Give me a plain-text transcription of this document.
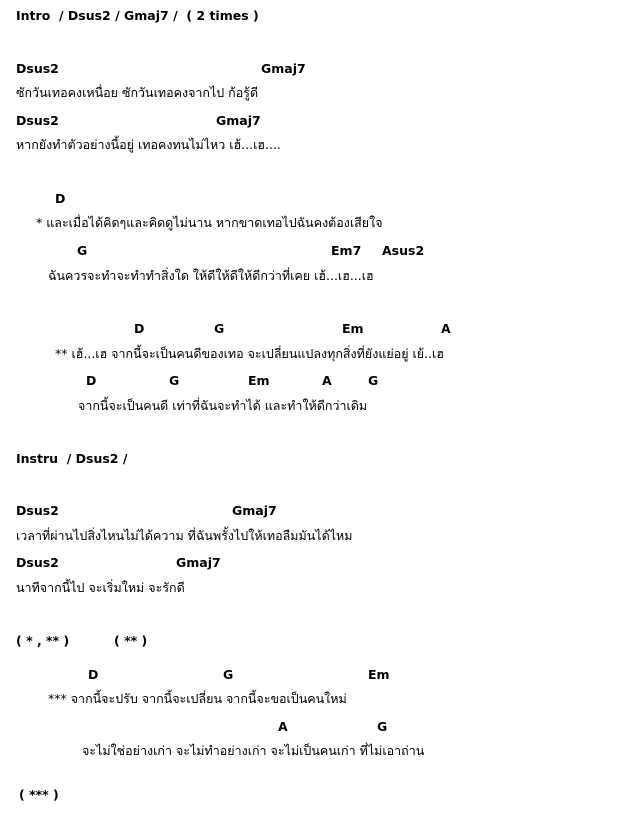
Intro  / Dsus2 / Gmaj7 /  ( 2 times )

Dsus2

	Gmaj7

ซักวันเทอคงเหนื่อย ซักวันเทอคงจากไป ก้อรู้ดี

Dsus2

	Gmaj7

หากยังทำตัวอย่างนี้อยู่ เทอคงทนไม่ไหว เฮ้...เฮ....

D

* และเมื่อได้คิดๆและคิดดูไม่นาน หากขาดเทอไปฉันคงต้องเสียใจ

G

	Em7

Asus2

ฉันควรจะทำจะทำทำสิ่งใด ให้ดีให้ดีให้ดีกว่าที่เคย เฮ้...เฮ...เฮ

D

	G

	Em

	A

** เฮ้...เฮ จากนี้จะเป็นคนดีของเทอ จะเปลี่ยนแปลงทุกสิ่งที่ยังแย่อยู่ เย้..เฮ

D

	G

	Em

	A

	G

จากนี้จะเป็นคนดี เท่าที่ฉันจะทำได้ และทำให้ดีกว่าเดิม
Instru  / Dsus2 /

Dsus2

	Gmaj7

เวลาที่ผ่านไปสิ่งไหนไม่ได้ความ ที่ฉันพรั้งไปให้เทอลืมมันได้ไหม

Dsus2

	Gmaj7

นาทีจากนี้ไป จะเริ่มใหม่ จะรักดี

( * , ** )

	( ** )

D

	G

	Em

*** จากนี้จะปรับ จากนี้จะเปลี่ยน จากนี้จะขอเป็นคนใหม่

A

	G

จะไม่ใช่อย่างเก่า จะไม่ทำอย่างเก่า จะไม่เป็นคนเก่า ที่ไม่เอาถ่าน
( *** )
